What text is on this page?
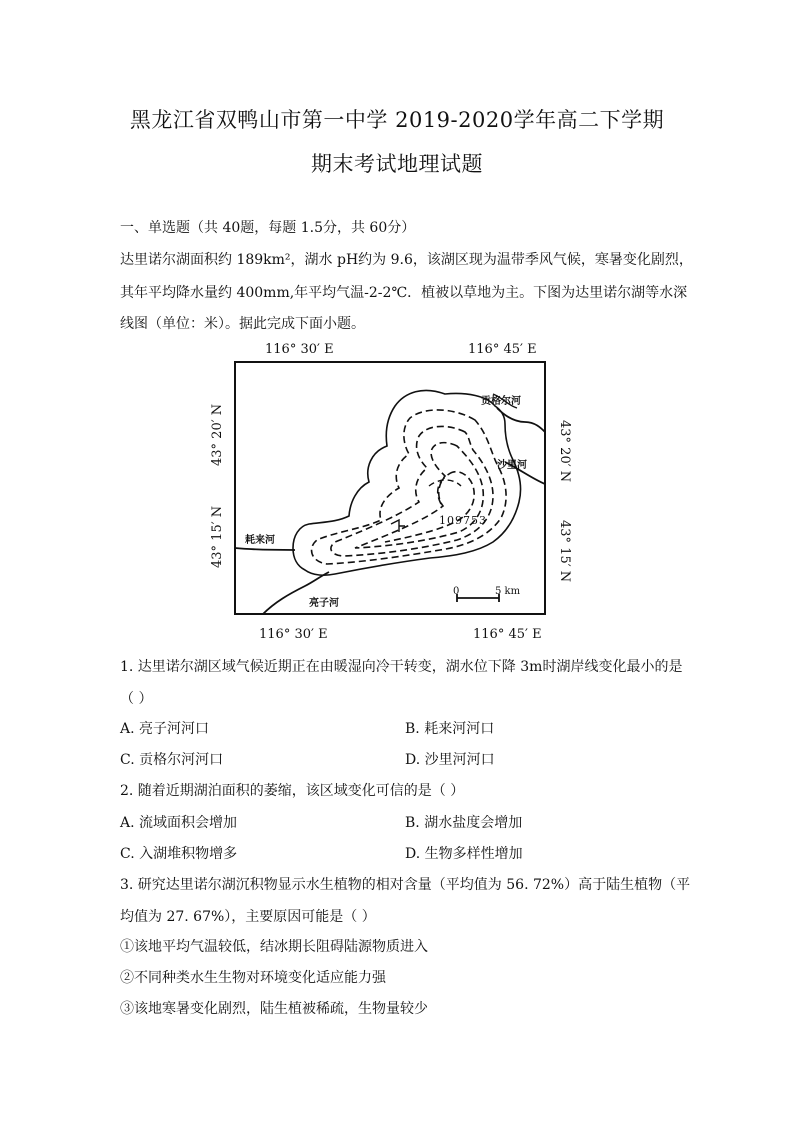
黑龙江省双鸭山市第一中学 2019-2020学年高二下学期
期末考试地理试题
一、单选题（共 40题，每题 1.5分，共 60分）
达里诺尔湖面积约 189km²，湖水 pH约为 9.6，该湖区现为温带季风气候，寒暑变化剧烈，
其年平均降水量约 400mm,年平均气温-2-2℃．植被以草地为主。下图为达里诺尔湖等水深
线图（单位：米）。据此完成下面小题。
116° 30′ E	116° 45′ E
116° 30′ E	116° 45′ E
43° 20′ N
43° 15′ N
43° 20′ N
43° 15′ N
贡格尔河
沙里河
耗来河
亮子河
109753
0	5 km
1. 达里诺尔湖区域气候近期正在由暖湿向冷干转变，湖水位下降 3m时湖岸线变化最小的是
（ ）
A. 亮子河河口	B. 耗来河河口
C. 贡格尔河河口	D. 沙里河河口
2. 随着近期湖泊面积的萎缩，该区域变化可信的是（ ）
A. 流域面积会增加	B. 湖水盐度会增加
C. 入湖堆积物增多	D. 生物多样性增加
3. 研究达里诺尔湖沉积物显示水生植物的相对含量（平均值为 56. 72%）高于陆生植物（平
均值为 27. 67%），主要原因可能是（ ）
①该地平均气温较低，结冰期长阻碍陆源物质进入
②不同种类水生生物对环境变化适应能力强
③该地寒暑变化剧烈，陆生植被稀疏，生物量较少
